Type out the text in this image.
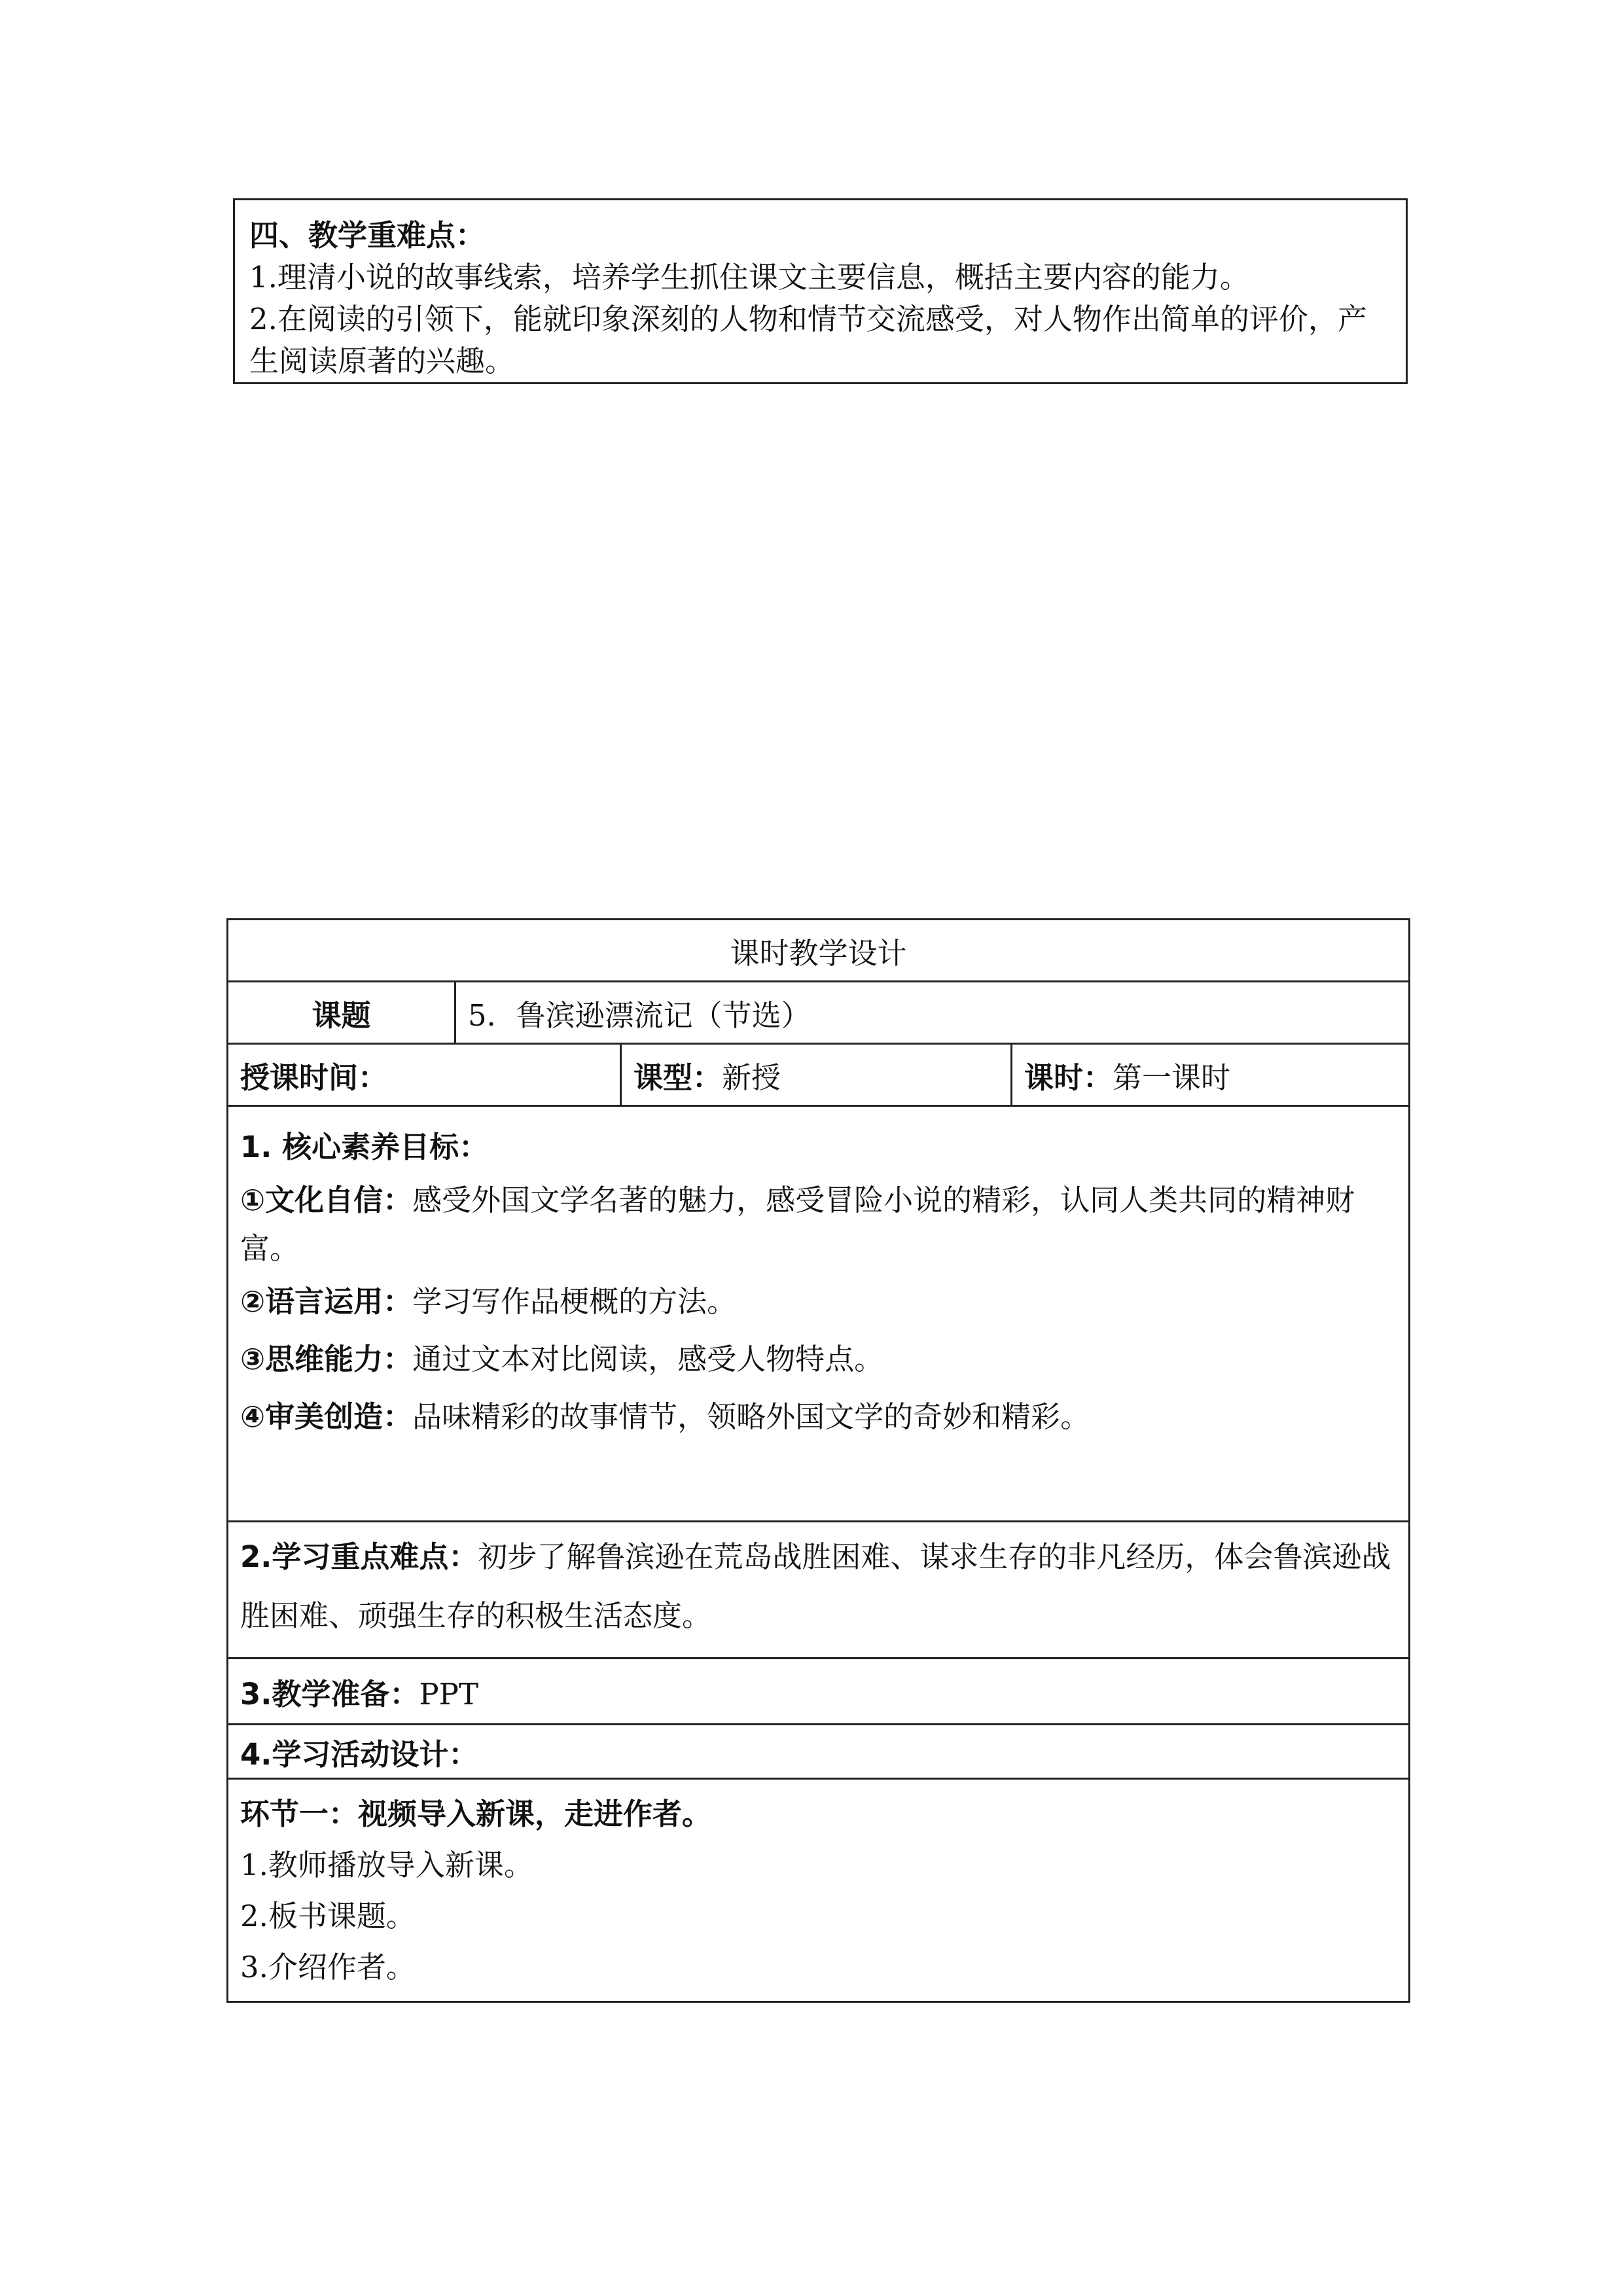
四、教学重难点：

1.理清小说的故事线索，培养学生抓住课文主要信息，概括主要内容的能力。

2.在阅读的引领下，能就印象深刻的人物和情节交流感受，对人物作出简单的评价，产生阅读原著的兴趣。

课时教学设计			
课题	5．鲁滨逊漂流记（节选）		
授课时间：		课型：新授	课时：第一课时

1. 核心素养目标：

①文化自信：感受外国文学名著的魅力，感受冒险小说的精彩，认同人类共同的精神财富。

②语言运用：学习写作品梗概的方法。

③思维能力：通过文本对比阅读，感受人物特点。

④审美创造：品味精彩的故事情节，领略外国文学的奇妙和精彩。			

2.学习重点难点：初步了解鲁滨逊在荒岛战胜困难、谋求生存的非凡经历，体会鲁滨逊战胜困难、顽强生存的积极生活态度。			

3.教学准备：PPT			
4.学习活动设计：			

环节一：视频导入新课，走进作者。

1.教师播放导入新课。

2.板书课题。

3.介绍作者。			
